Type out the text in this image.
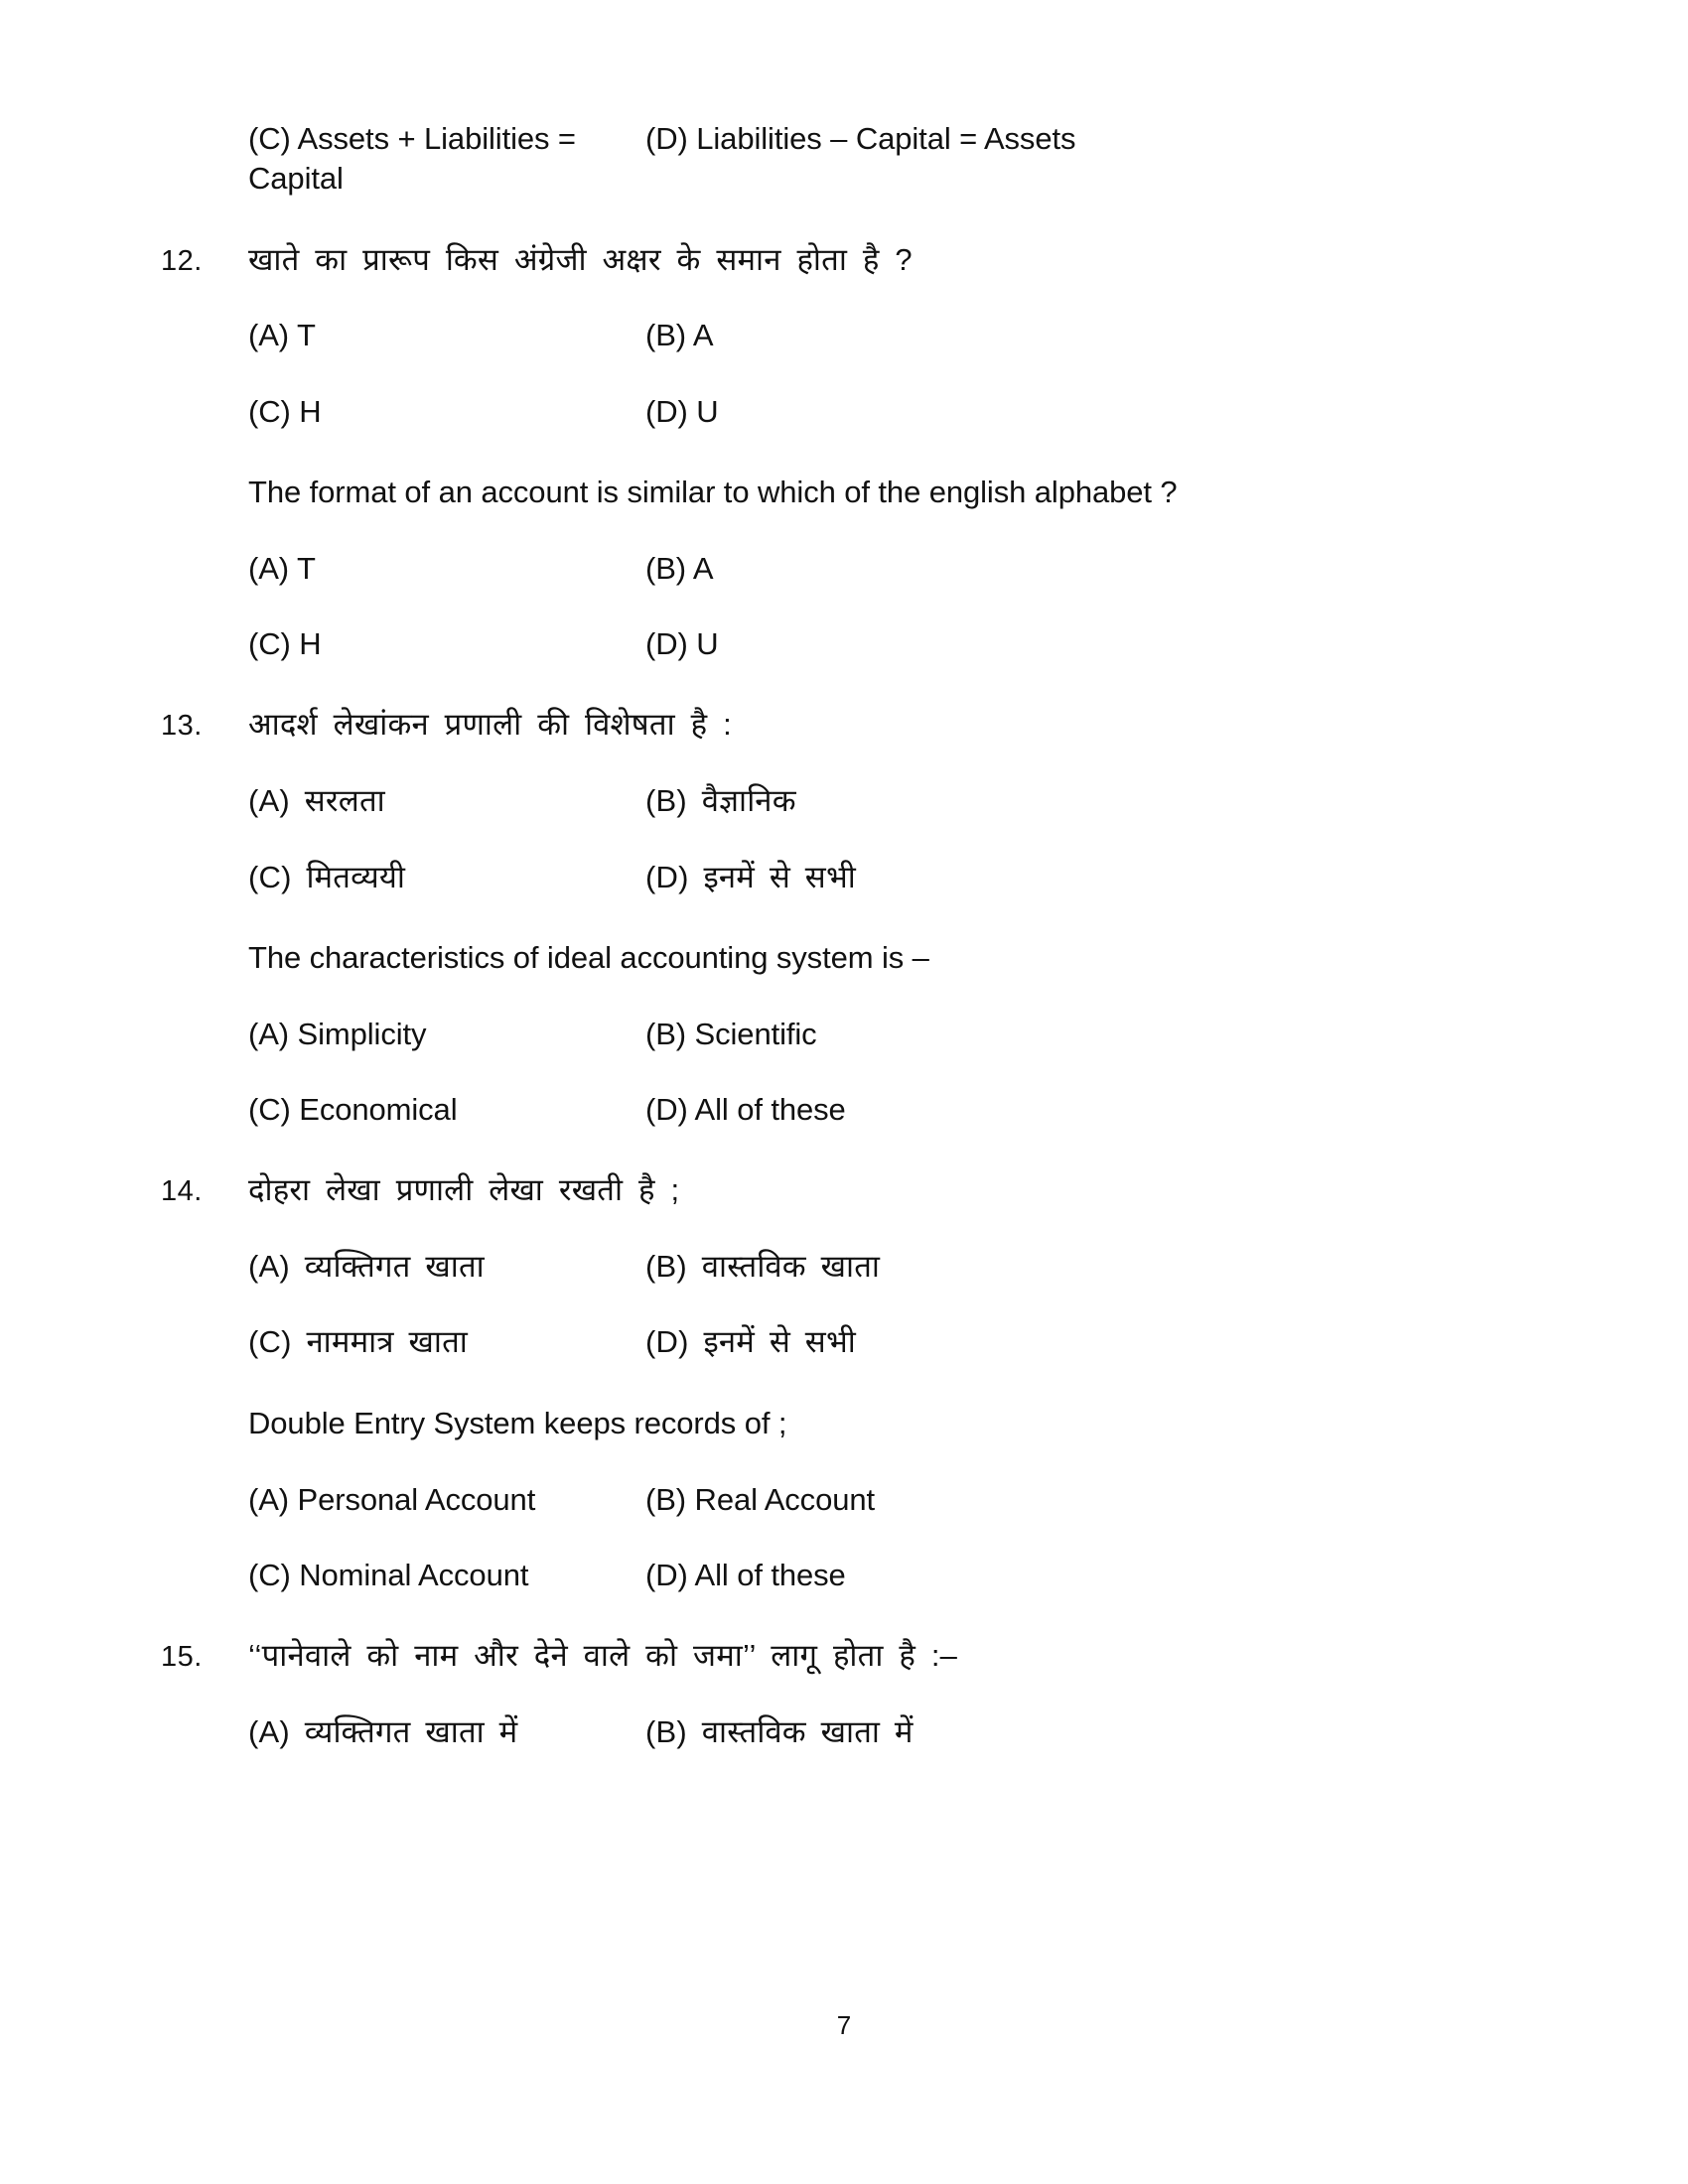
(C) Assets + Liabilities = Capital
(D) Liabilities – Capital = Assets
12.	खाते का प्रारूप किस अंग्रेजी अक्षर के समान होता है ?
(A) T	(B) A
(C) H	(D) U
The format of an account is similar to which of the english alphabet ?
(A) T	(B) A
(C) H	(D) U
13.	आदर्श लेखांकन प्रणाली की विशेषता है :
(A) सरलता	(B) वैज्ञानिक
(C) मितव्ययी	(D) इनमें से सभी
The characteristics of ideal accounting system is –
(A) Simplicity	(B) Scientific
(C) Economical	(D) All of these
14.	दोहरा लेखा प्रणाली लेखा रखती है ;
(A) व्यक्तिगत खाता	(B) वास्तविक खाता
(C) नाममात्र खाता	(D) इनमें से सभी
Double Entry System keeps records of ;
(A) Personal Account	(B) Real Account
(C) Nominal Account	(D) All of these
15.	‘‘पानेवाले को नाम और देने वाले को जमा’’ लागू होता है :–
(A) व्यक्तिगत खाता में	(B) वास्तविक खाता में
7
